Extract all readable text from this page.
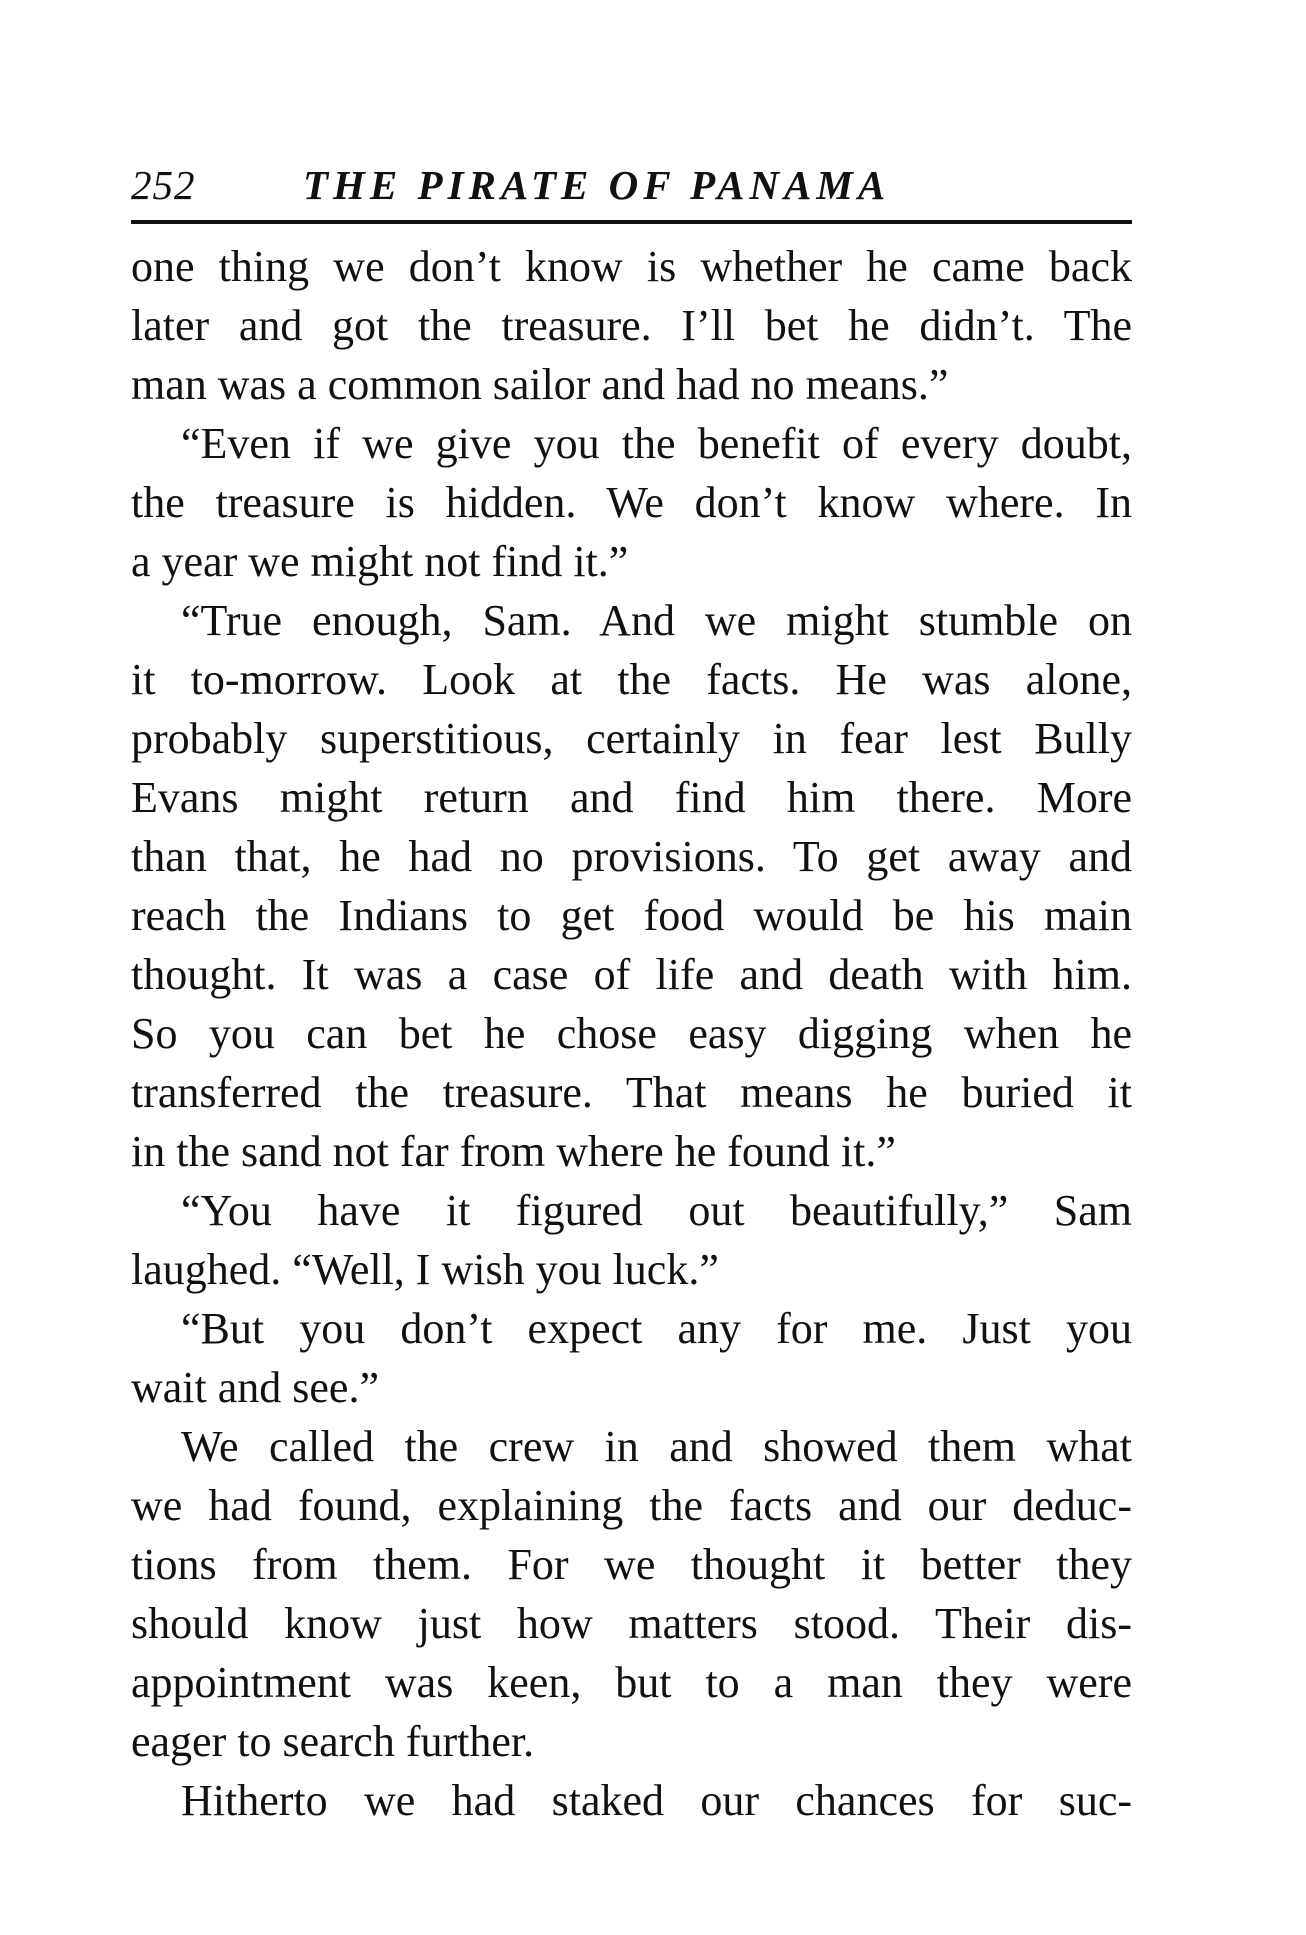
252	THE PIRATE OF PANAMA
one thing we don’t know is whether he came back
later and got the treasure. I’ll bet he didn’t. The
man was a common sailor and had no means.”
“Even if we give you the benefit of every doubt,
the treasure is hidden. We don’t know where. In
a year we might not find it.”
“True enough, Sam. And we might stumble on
it to-morrow. Look at the facts. He was alone,
probably superstitious, certainly in fear lest Bully
Evans might return and find him there. More
than that, he had no provisions. To get away and
reach the Indians to get food would be his main
thought. It was a case of life and death with him.
So you can bet he chose easy digging when he
transferred the treasure. That means he buried it
in the sand not far from where he found it.”
“You have it figured out beautifully,” Sam
laughed. “Well, I wish you luck.”
“But you don’t expect any for me. Just you
wait and see.”
We called the crew in and showed them what
we had found, explaining the facts and our deduc-
tions from them. For we thought it better they
should know just how matters stood. Their dis-
appointment was keen, but to a man they were
eager to search further.
Hitherto we had staked our chances for suc-
